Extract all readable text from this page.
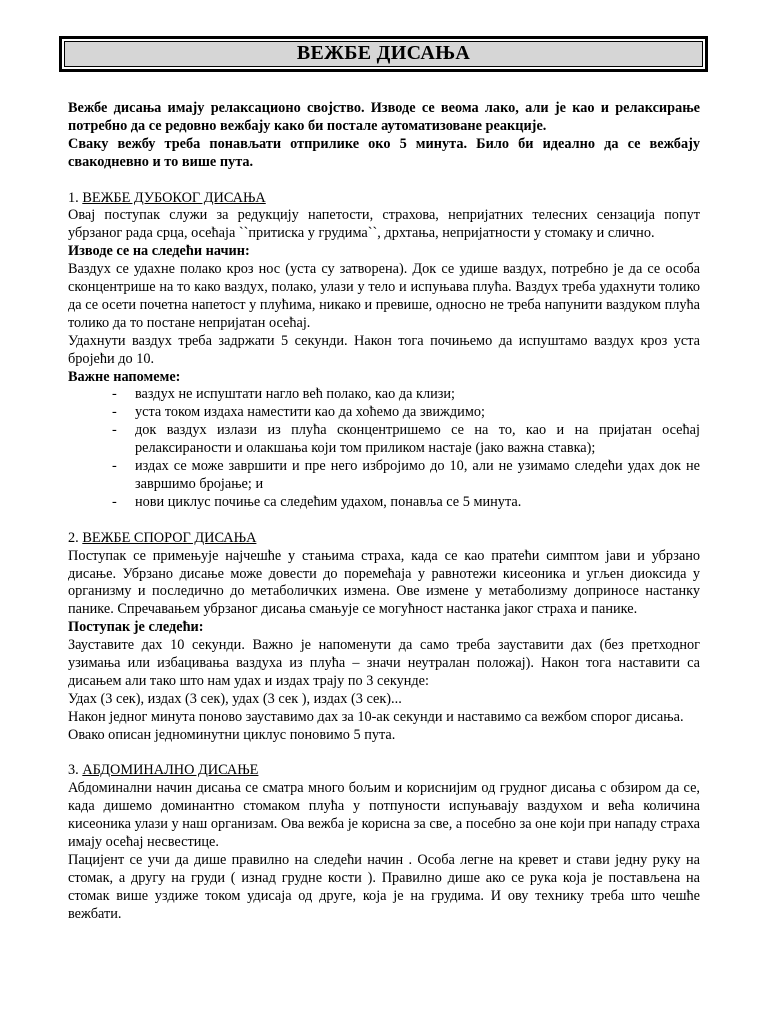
ВЕЖБЕ ДИСАЊА

Вежбе дисања имају релаксационо својство. Изводе се веома лако, али је као и релаксирање потребно да се редовно вежбају како би постале аутоматизоване реакције.

Сваку вежбу треба понављати отприлике око 5 минута. Било би идеално да се вежбају свакодневно и то више пута.

1. ВЕЖБЕ ДУБОКОГ ДИСАЊА

Овај поступак служи за редукцију напетости, страхова, непријатних телесних сензација попут убрзаног рада срца, осећаја ``притиска у грудима``, дрхтања, непријатности у стомаку и слично.

Изводе се на следећи начин:

Ваздух се удахне полако кроз нос (уста су затворена). Док се удише ваздух, потребно је да се особа сконцентрише на то како ваздух, полако, улази у тело и испуњава плућа. Ваздух треба удахнути толико да се осети почетна напетост у плућима, никако и превише, односно не треба напунити ваздуком плућа толико да то постане непријатан осећај.

Удахнути ваздух треба задржати 5 секунди. Након тога почињемо да испуштамо ваздух кроз уста бројећи до 10.

Важне напомеме:

- ваздух не испуштати нагло већ полако, као да клизи;
- уста током издаха наместити као да хоћемо да звиждимо;
- док ваздух излази из плућа сконцентришемо се на то, као и на пријатан осећај релаксираности и олакшања који том приликом настаје (јако важна ставка);
- издах се може завршити и пре него избројимо до 10, али не узимамо следећи удах док не завршимо бројање; и
- нови циклус почиње са следећим удахом, понавља се 5 минута.

2. ВЕЖБЕ СПОРОГ ДИСАЊА

Поступак се примењује најчешће у стањима страха, када се као пратећи симптом јави и убрзано дисање. Убрзано дисање може довести до поремећаја у равнотежи кисеоника и угљен диоксида у организму и последично до метаболичких измена. Ове измене у метаболизму доприносе настанку панике. Спречавањем убрзаног дисања смањује се могућност настанка јаког страха и панике.

Поступак је следећи:

Зауставите дах 10 секунди. Важно је напоменути да само треба зауставити дах (без претходног узимања или избацивања ваздуха из плућа – значи неутралан положај). Након тога наставити са дисањем али тако што нам удах и издах трају по 3 секунде:

Удах (3 сек), издах (3 сек), удах (3 сек ), издах (3 сек)...

Након једног минута поново зауставимо дах за 10-ак секунди и наставимо са вежбом спорог дисања.

Овако описан једноминутни циклус поновимо 5 пута.

3. АБДОМИНАЛНО ДИСАЊЕ

Абдоминални начин дисања се сматра много бољим и кориснијим од грудног дисања с обзиром да се, када дишемо доминантно стомаком плућа у потпуности испуњавају ваздухом и већа количина кисеоника улази у наш организам. Ова вежба је корисна за све, а посебно за оне који при нападу страха имају осећај несвестице.

Пацијент се учи да дише правилно на следећи начин . Особа легне на кревет и стави једну руку на стомак, а другу на груди ( изнад грудне кости ). Правилно дише ако се рука која је постављена на стомак више уздиже током удисаја од друге, која је на грудима. И ову технику треба што чешће вежбати.
